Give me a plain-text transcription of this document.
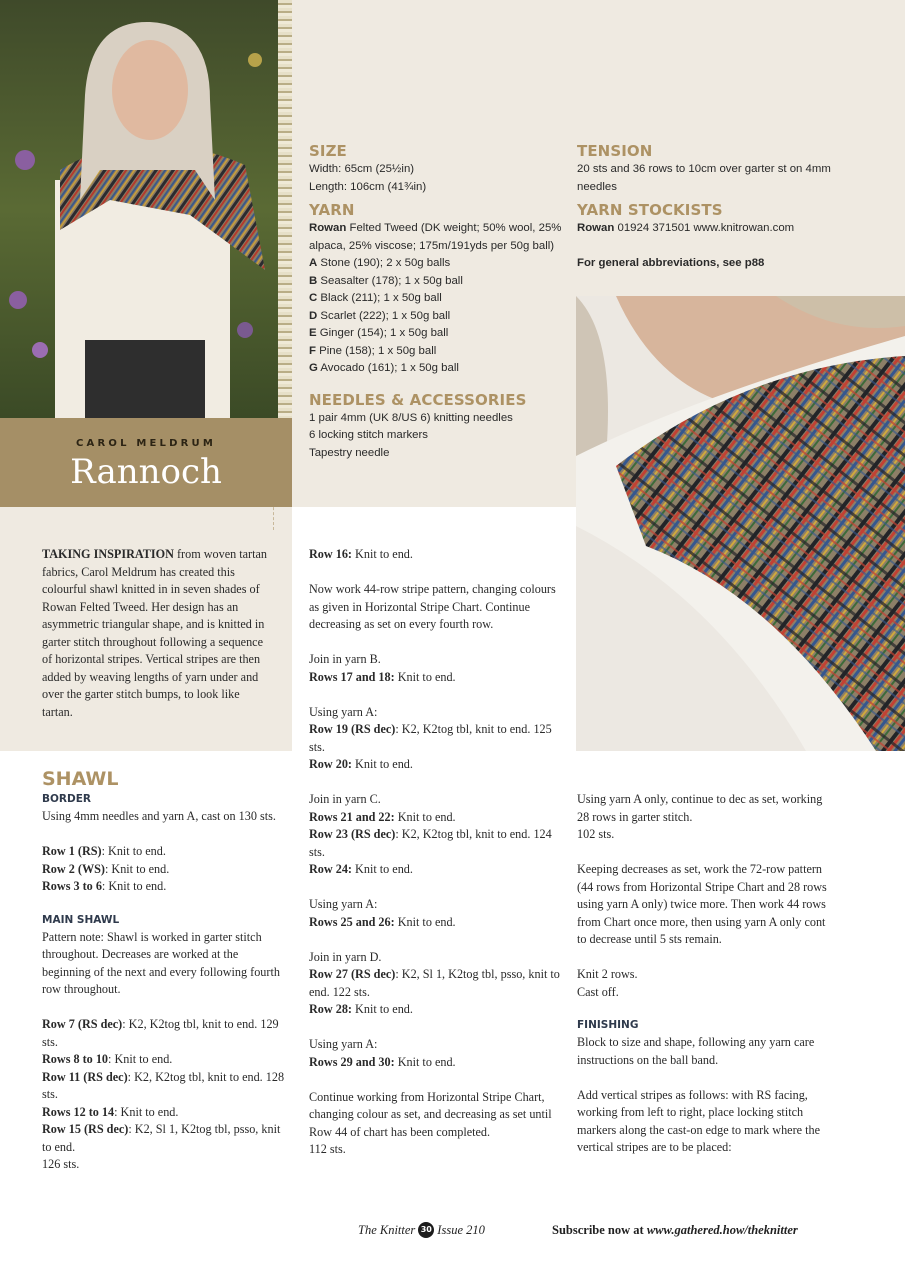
CAROL MELDRUM
Rannoch
SIZE
Width: 65cm (25½in)
Length: 106cm (41¾in)
YARN
Rowan Felted Tweed (DK weight; 50% wool, 25% alpaca, 25% viscose; 175m/191yds per 50g ball)
A Stone (190); 2 x 50g balls
B Seasalter (178); 1 x 50g ball
C Black (211); 1 x 50g ball
D Scarlet (222); 1 x 50g ball
E Ginger (154); 1 x 50g ball
F Pine (158); 1 x 50g ball
G Avocado (161); 1 x 50g ball
NEEDLES & ACCESSORIES
1 pair 4mm (UK 8/US 6) knitting needles
6 locking stitch markers
Tapestry needle
TENSION
20 sts and 36 rows to 10cm over garter st on 4mm needles
YARN STOCKISTS
Rowan 01924 371501 www.knitrowan.com
For general abbreviations, see p88

TAKING INSPIRATION from woven tartan fabrics, Carol Meldrum has created this colourful shawl knitted in in seven shades of Rowan Felted Tweed. Her design has an asymmetric triangular shape, and is knitted in garter stitch throughout following a sequence of horizontal stripes. Vertical stripes are then added by weaving lengths of yarn under and over the garter stitch bumps, to look like tartan.

SHAWL
BORDER

Using 4mm needles and yarn A, cast on 130 sts.

Row 1 (RS): Knit to end.

Row 2 (WS): Knit to end.

Rows 3 to 6: Knit to end.

MAIN SHAWL

Pattern note: Shawl is worked in garter stitch throughout. Decreases are worked at the beginning of the next and every following fourth row throughout.

Row 7 (RS dec): K2, K2tog tbl, knit to end. 129 sts.

Rows 8 to 10: Knit to end.

Row 11 (RS dec): K2, K2tog tbl, knit to end. 128 sts.

Rows 12 to 14: Knit to end.

Row 15 (RS dec): K2, Sl 1, K2tog tbl, psso, knit to end.

126 sts.

Row 16: Knit to end.

Now work 44-row stripe pattern, changing colours as given in Horizontal Stripe Chart. Continue decreasing as set on every fourth row.

Join in yarn B.

Rows 17 and 18: Knit to end.

Using yarn A:

Row 19 (RS dec): K2, K2tog tbl, knit to end. 125 sts.

Row 20: Knit to end.

Join in yarn C.

Rows 21 and 22: Knit to end.

Row 23 (RS dec): K2, K2tog tbl, knit to end. 124 sts.

Row 24: Knit to end.

Using yarn A:

Rows 25 and 26: Knit to end.

Join in yarn D.

Row 27 (RS dec): K2, Sl 1, K2tog tbl, psso, knit to end. 122 sts.

Row 28: Knit to end.

Using yarn A:

Rows 29 and 30: Knit to end.

Continue working from Horizontal Stripe Chart, changing colour as set, and decreasing as set until Row 44 of chart has been completed.

112 sts.

Using yarn A only, continue to dec as set, working 28 rows in garter stitch.

102 sts.

Keeping decreases as set, work the 72-row pattern (44 rows from Horizontal Stripe Chart and 28 rows using yarn A only) twice more. Then work 44 rows from Chart once more, then using yarn A only cont to decrease until 5 sts remain.

Knit 2 rows.

Cast off.

FINISHING

Block to size and shape, following any yarn care instructions on the ball band.

Add vertical stripes as follows: with RS facing, working from left to right, place locking stitch markers along the cast-on edge to mark where the vertical stripes are to be placed:

The Knitter 30 Issue 210	Subscribe now at www.gathered.how/theknitter
